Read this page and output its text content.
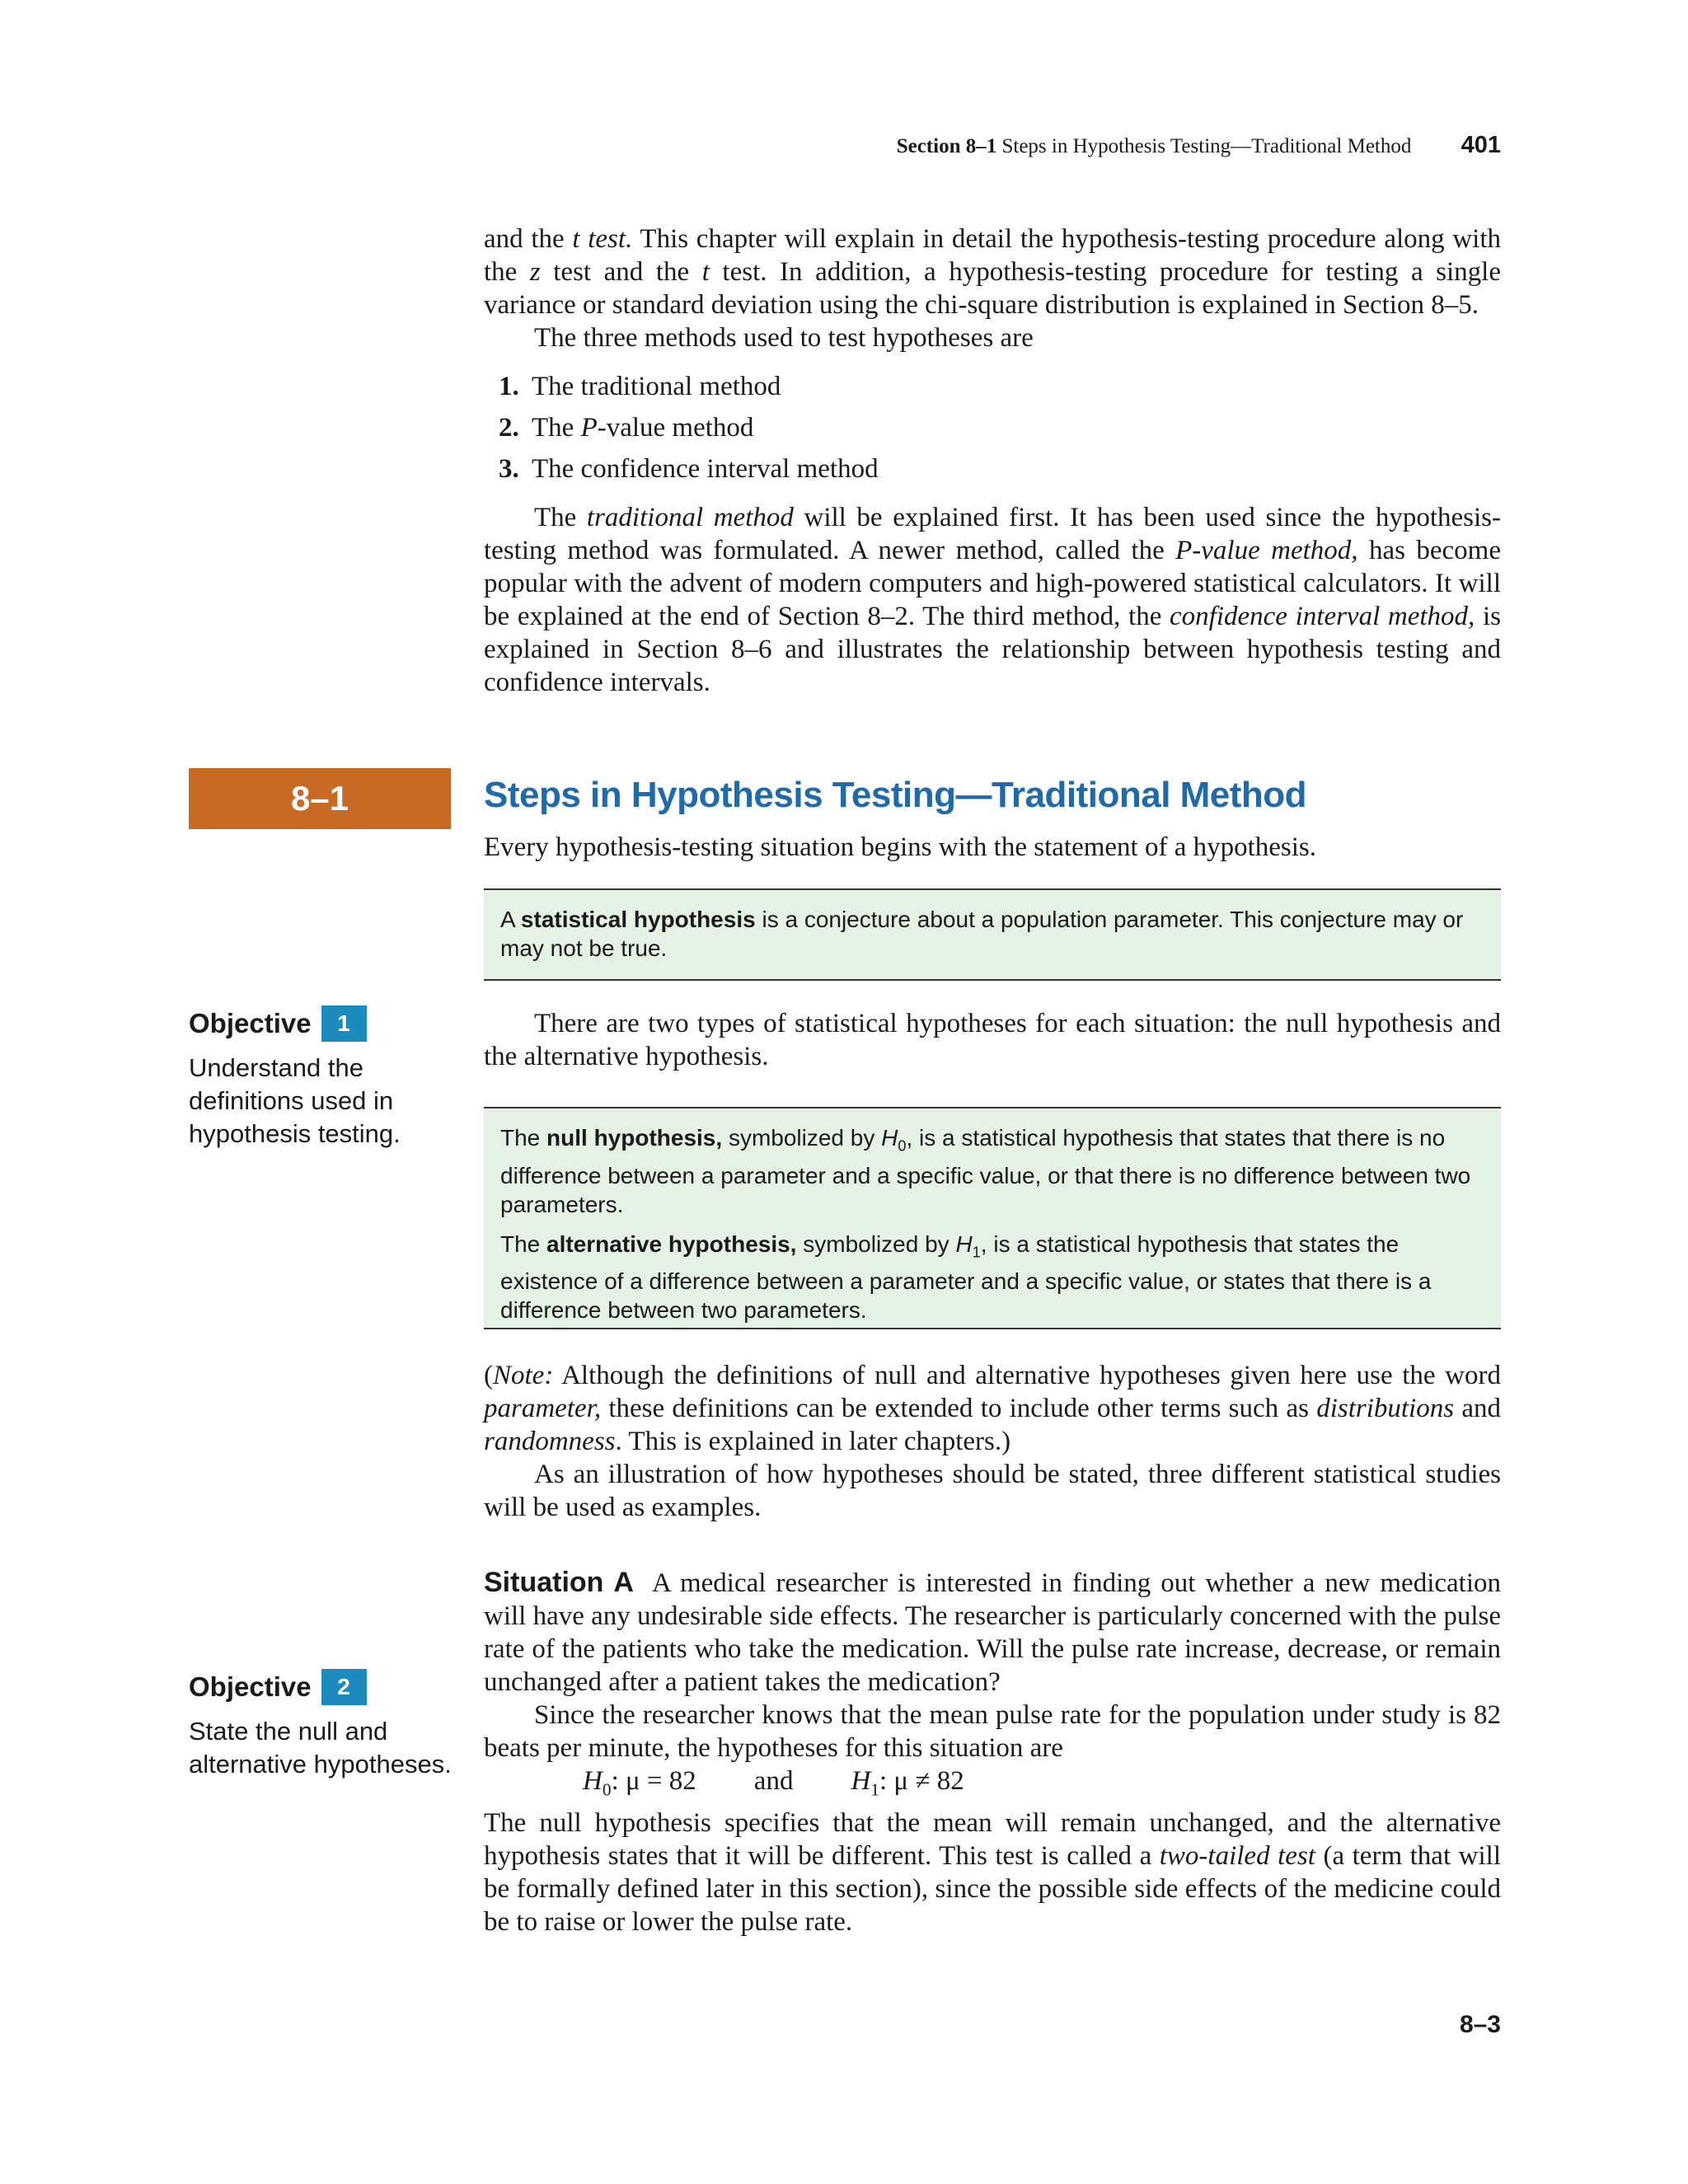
Section 8–1 Steps in Hypothesis Testing—Traditional Method 401

and the t test. This chapter will explain in detail the hypothesis-testing procedure along with the z test and the t test. In addition, a hypothesis-testing procedure for testing a single variance or standard deviation using the chi-square distribution is explained in Section 8–5.

The three methods used to test hypotheses are

1. The traditional method
2. The P-value method
3. The confidence interval method

The traditional method will be explained first. It has been used since the hypothesis-testing method was formulated. A newer method, called the P-value method, has become popular with the advent of modern computers and high-powered statistical calculators. It will be explained at the end of Section 8–2. The third method, the confidence interval method, is explained in Section 8–6 and illustrates the relationship between hypothesis testing and confidence intervals.

8–1	Steps in Hypothesis Testing—Traditional Method

Every hypothesis-testing situation begins with the statement of a hypothesis.

A statistical hypothesis is a conjecture about a population parameter. This conjecture may or may not be true.

Objective	1
Understand the definitions used in hypothesis testing.

There are two types of statistical hypotheses for each situation: the null hypothesis and the alternative hypothesis.

The null hypothesis, symbolized by $H_0$, is a statistical hypothesis that states that there is no difference between a parameter and a specific value, or that there is no difference between two parameters.

The alternative hypothesis, symbolized by $H_1$, is a statistical hypothesis that states the existence of a difference between a parameter and a specific value, or states that there is a difference between two parameters.

(Note: Although the definitions of null and alternative hypotheses given here use the word parameter, these definitions can be extended to include other terms such as distributions and randomness. This is explained in later chapters.)

As an illustration of how hypotheses should be stated, three different statistical studies will be used as examples.

Situation A A medical researcher is interested in finding out whether a new medication will have any undesirable side effects. The researcher is particularly concerned with the pulse rate of the patients who take the medication. Will the pulse rate increase, decrease, or remain unchanged after a patient takes the medication?

Since the researcher knows that the mean pulse rate for the population under study is 82 beats per minute, the hypotheses for this situation are

$H_0$: μ = 82 and $H_1$: μ ≠ 82

The null hypothesis specifies that the mean will remain unchanged, and the alternative hypothesis states that it will be different. This test is called a two-tailed test (a term that will be formally defined later in this section), since the possible side effects of the medicine could be to raise or lower the pulse rate.

Objective	2
State the null and alternative hypotheses.
8–3
